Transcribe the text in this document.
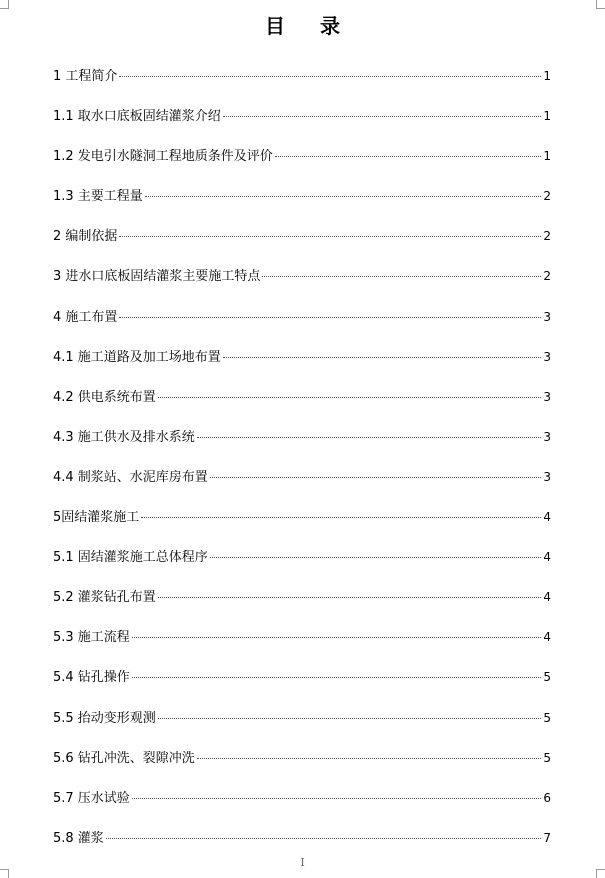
目 录
1 工程简介	1
1.1 取水口底板固结灌浆介绍	1
1.2 发电引水隧洞工程地质条件及评价	1
1.3 主要工程量	2
2 编制依据	2
3 进水口底板固结灌浆主要施工特点	2
4 施工布置	3
4.1 施工道路及加工场地布置	3
4.2 供电系统布置	3
4.3 施工供水及排水系统	3
4.4 制浆站、水泥库房布置	3
5固结灌浆施工	4
5.1 固结灌浆施工总体程序	4
5.2 灌浆钻孔布置	4
5.3 施工流程	4
5.4 钻孔操作	5
5.5 抬动变形观测	5
5.6 钻孔冲洗、裂隙冲洗	5
5.7 压水试验	6
5.8 灌浆	7
I
